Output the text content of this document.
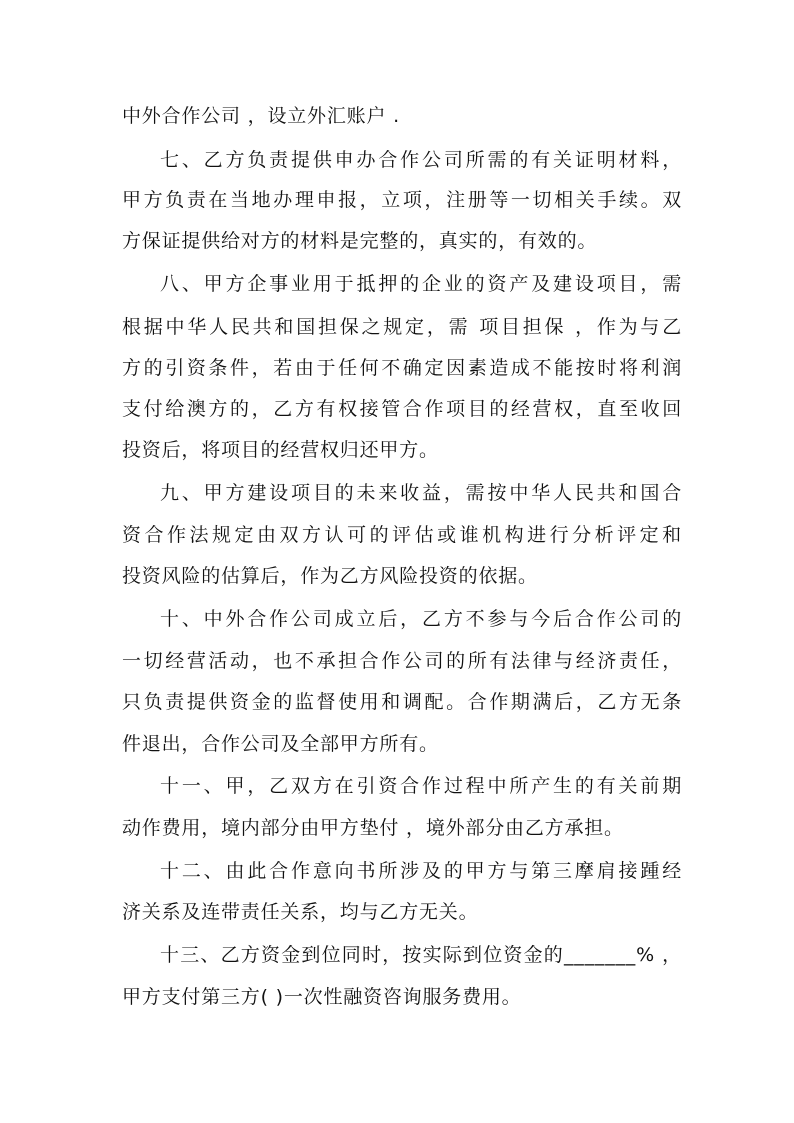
中外合作公司 ，设立外汇账户 .
七、乙方负责提供申办合作公司所需的有关证明材料，
甲方负责在当地办理申报，立项，注册等一切相关手续。双
方保证提供给对方的材料是完整的，真实的，有效的。
八、甲方企事业用于抵押的企业的资产及建设项目，需
根据中华人民共和国担保之规定，需 项目担保 ，作为与乙
方的引资条件，若由于任何不确定因素造成不能按时将利润
支付给澳方的，乙方有权接管合作项目的经营权，直至收回
投资后，将项目的经营权归还甲方。
九、甲方建设项目的未来收益，需按中华人民共和国合
资合作法规定由双方认可的评估或谁机构进行分析评定和
投资风险的估算后，作为乙方风险投资的依据。
十、中外合作公司成立后，乙方不参与今后合作公司的
一切经营活动，也不承担合作公司的所有法律与经济责任，
只负责提供资金的监督使用和调配。合作期满后，乙方无条
件退出，合作公司及全部甲方所有。
十一、甲，乙双方在引资合作过程中所产生的有关前期
动作费用，境内部分由甲方垫付 ，境外部分由乙方承担。
十二、由此合作意向书所涉及的甲方与第三摩肩接踵经
济关系及连带责任关系，均与乙方无关。
十三、乙方资金到位同时，按实际到位资金的_______% ，
甲方支付第三方( )一次性融资咨询服务费用。
